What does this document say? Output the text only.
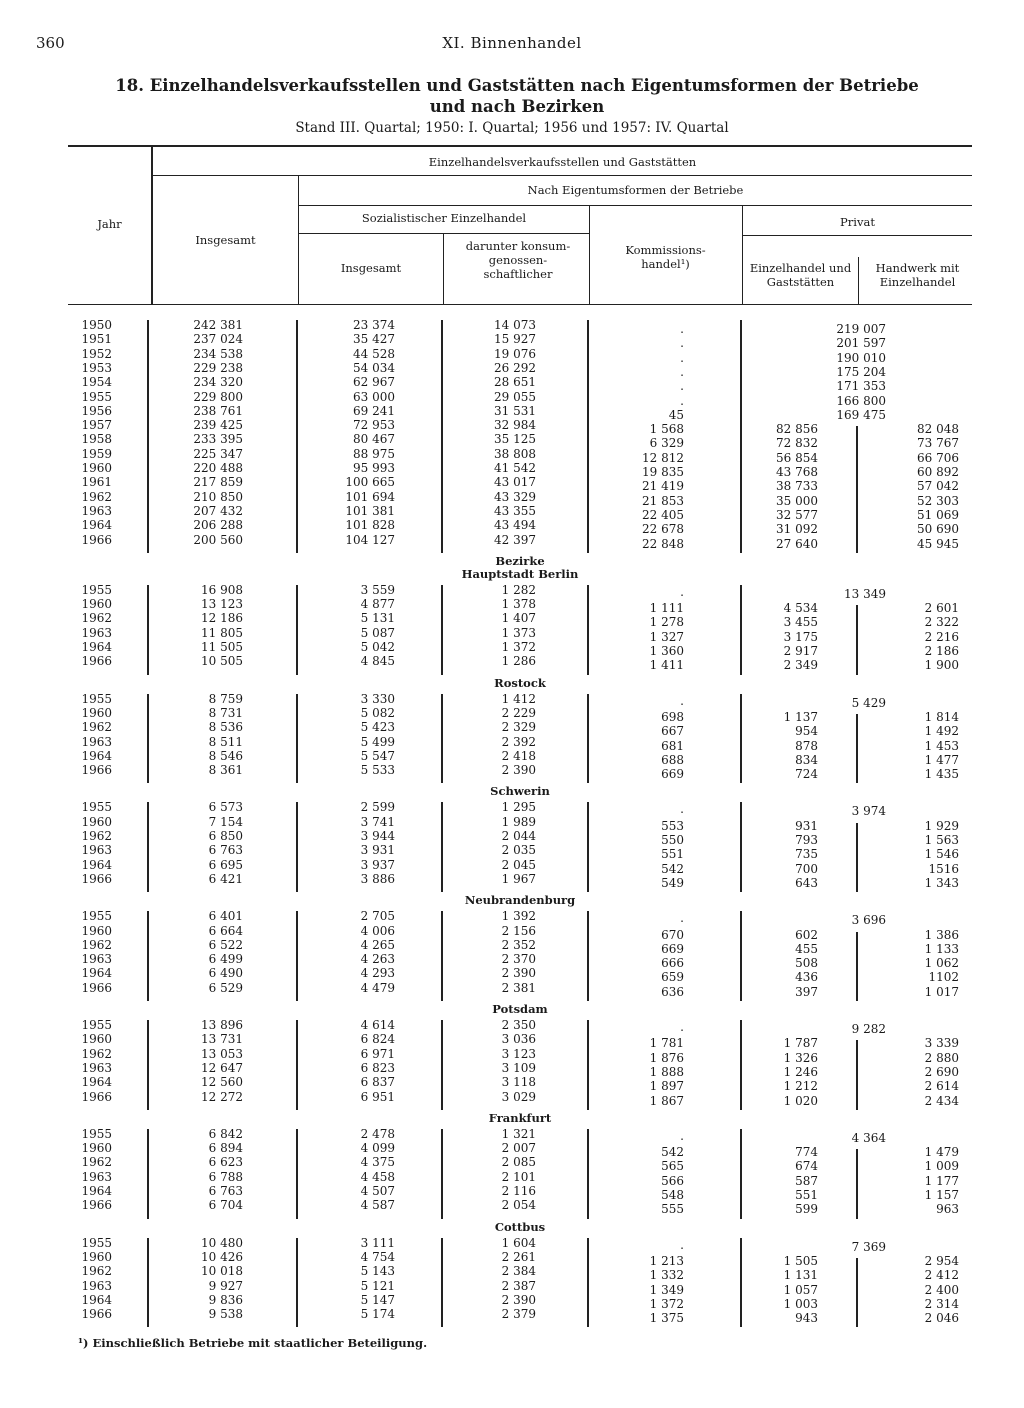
360	XI. Binnenhandel
18. Einzelhandelsverkaufsstellen und Gaststätten nach Eigentumsformen der Betriebe
und nach Bezirken
Stand III. Quartal; 1950: I. Quartal; 1956 und 1957: IV. Quartal
Jahr
Einzelhandelsverkaufsstellen und Gaststätten
Insgesamt
Nach Eigentumsformen der Betriebe
Sozialistischer Einzelhandel
Insgesamt
darunter konsum-genossen-schaftlicher
Kommissions-handel¹)
Privat
Einzelhandel und Gaststätten
Handwerk mit Einzelhandel
1950	242 381	23 374	14 073	.	219 007
1951	237 024	35 427	15 927	.	201 597
1952	234 538	44 528	19 076	.	190 010
1953	229 238	54 034	26 292	.	175 204
1954	234 320	62 967	28 651	.	171 353
1955	229 800	63 000	29 055	.	166 800
1956	238 761	69 241	31 531	45	169 475
1957	239 425	72 953	32 984	1 568	82 856	82 048
1958	233 395	80 467	35 125	6 329	72 832	73 767
1959	225 347	88 975	38 808	12 812	56 854	66 706
1960	220 488	95 993	41 542	19 835	43 768	60 892
1961	217 859	100 665	43 017	21 419	38 733	57 042
1962	210 850	101 694	43 329	21 853	35 000	52 303
1963	207 432	101 381	43 355	22 405	32 577	51 069
1964	206 288	101 828	43 494	22 678	31 092	50 690
1966	200 560	104 127	42 397	22 848	27 640	45 945
Bezirke
Hauptstadt Berlin
1955	16 908	3 559	1 282	.	13 349
1960	13 123	4 877	1 378	1 111	4 534	2 601
1962	12 186	5 131	1 407	1 278	3 455	2 322
1963	11 805	5 087	1 373	1 327	3 175	2 216
1964	11 505	5 042	1 372	1 360	2 917	2 186
1966	10 505	4 845	1 286	1 411	2 349	1 900
Rostock
1955	8 759	3 330	1 412	.	5 429
1960	8 731	5 082	2 229	698	1 137	1 814
1962	8 536	5 423	2 329	667	954	1 492
1963	8 511	5 499	2 392	681	878	1 453
1964	8 546	5 547	2 418	688	834	1 477
1966	8 361	5 533	2 390	669	724	1 435
Schwerin
1955	6 573	2 599	1 295	.	3 974
1960	7 154	3 741	1 989	553	931	1 929
1962	6 850	3 944	2 044	550	793	1 563
1963	6 763	3 931	2 035	551	735	1 546
1964	6 695	3 937	2 045	542	700	1516
1966	6 421	3 886	1 967	549	643	1 343
Neubrandenburg
1955	6 401	2 705	1 392	.	3 696
1960	6 664	4 006	2 156	670	602	1 386
1962	6 522	4 265	2 352	669	455	1 133
1963	6 499	4 263	2 370	666	508	1 062
1964	6 490	4 293	2 390	659	436	1102
1966	6 529	4 479	2 381	636	397	1 017
Potsdam
1955	13 896	4 614	2 350	.	9 282
1960	13 731	6 824	3 036	1 781	1 787	3 339
1962	13 053	6 971	3 123	1 876	1 326	2 880
1963	12 647	6 823	3 109	1 888	1 246	2 690
1964	12 560	6 837	3 118	1 897	1 212	2 614
1966	12 272	6 951	3 029	1 867	1 020	2 434
Frankfurt
1955	6 842	2 478	1 321	.	4 364
1960	6 894	4 099	2 007	542	774	1 479
1962	6 623	4 375	2 085	565	674	1 009
1963	6 788	4 458	2 101	566	587	1 177
1964	6 763	4 507	2 116	548	551	1 157
1966	6 704	4 587	2 054	555	599	963
Cottbus
1955	10 480	3 111	1 604	.	7 369
1960	10 426	4 754	2 261	1 213	1 505	2 954
1962	10 018	5 143	2 384	1 332	1 131	2 412
1963	9 927	5 121	2 387	1 349	1 057	2 400
1964	9 836	5 147	2 390	1 372	1 003	2 314
1966	9 538	5 174	2 379	1 375	943	2 046
¹) Einschließlich Betriebe mit staatlicher Beteiligung.
